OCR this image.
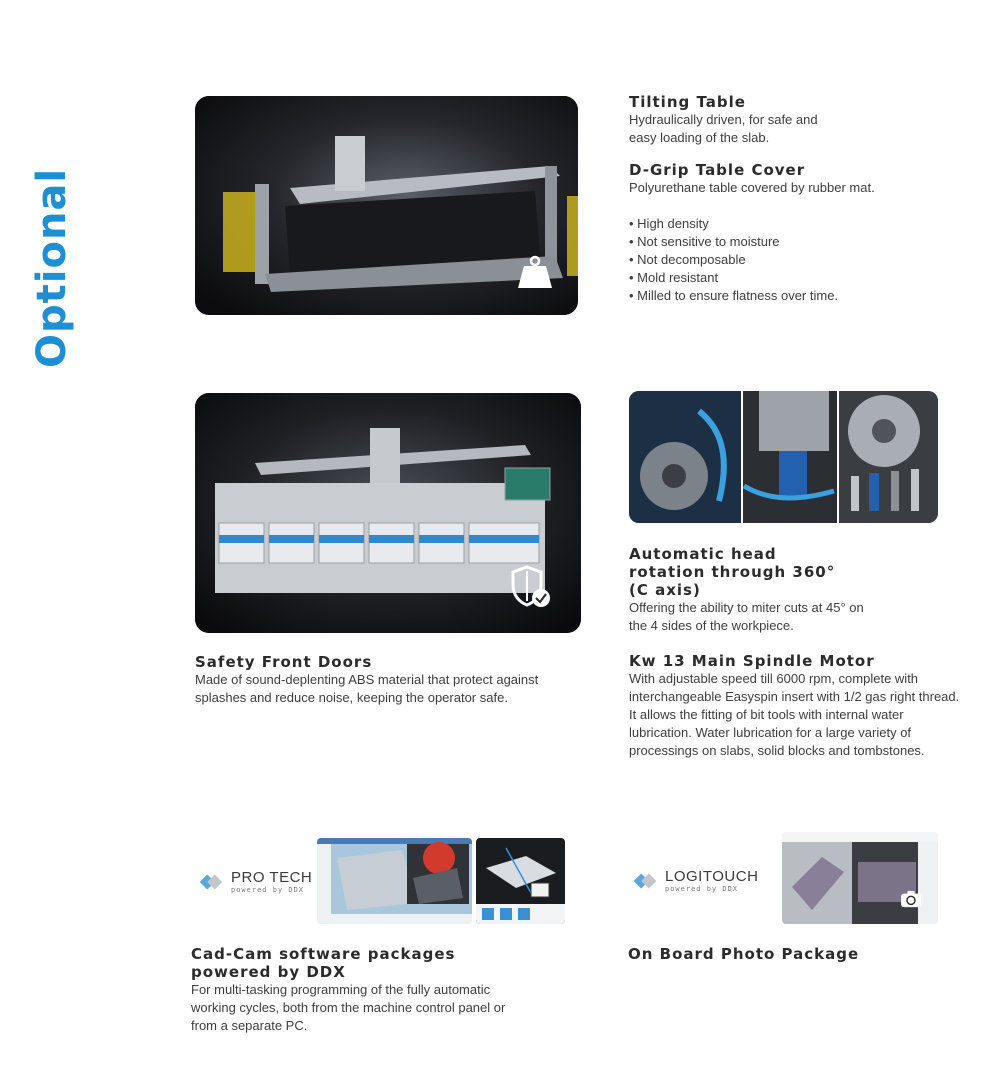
Optional
Tilting Table

Hydraulically driven, for safe and easy loading of the slab.

D-Grip Table Cover

Polyurethane table covered by rubber mat.

• High density
• Not sensitive to moisture
• Not decomposable
• Mold resistant
• Milled to ensure flatness over time.
Automatic head
rotation through 360°
(C axis)

Offering the ability to miter cuts at 45° on the 4 sides of the workpiece.

Safety Front Doors

Made of sound-deplenting ABS material that protect against splashes and reduce noise, keeping the operator safe.

Kw 13 Main Spindle Motor

With adjustable speed till 6000 rpm, complete with interchangeable Easyspin insert with 1/2 gas right thread. It allows the fitting of bit tools with internal water lubrication. Water lubrication for a large variety of processings on slabs, solid blocks and tombstones.

PRO TECH
powered by DDX
LOGITOUCH
powered by DDX
Cad-Cam software packages
powered by DDX

For multi-tasking programming of the fully automatic working cycles, both from the machine control panel or from a separate PC.

On Board Photo Package
